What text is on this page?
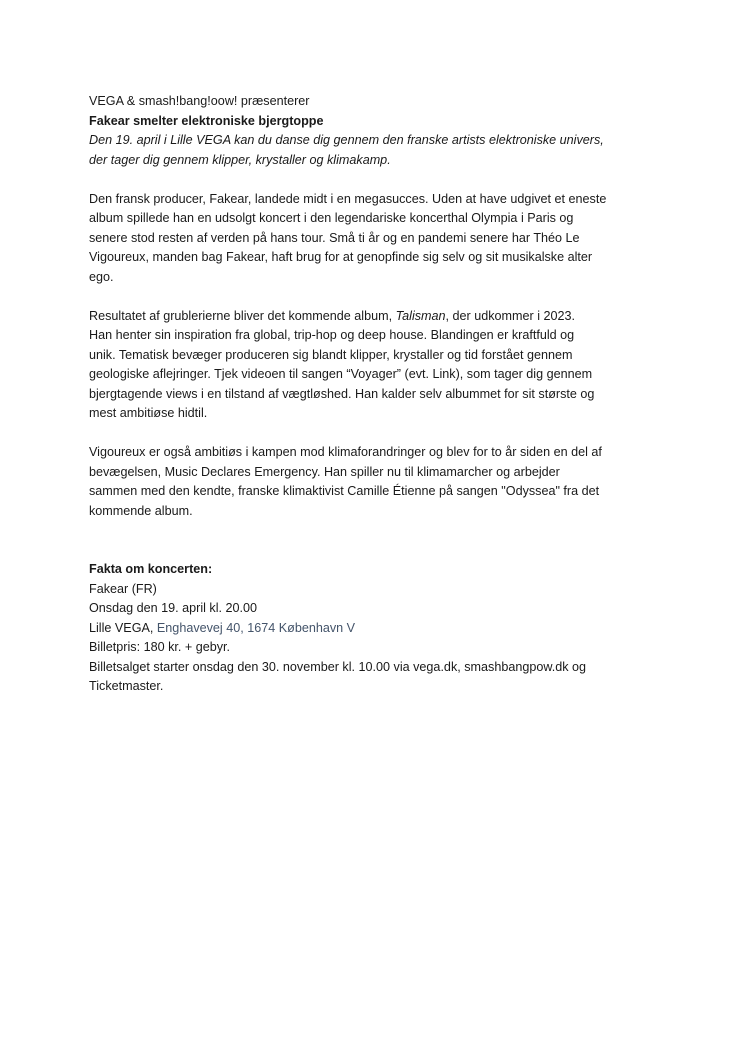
VEGA & smash!bang!oow! præsenterer
Fakear smelter elektroniske bjergtoppe
Den 19. april i Lille VEGA kan du danse dig gennem den franske artists elektroniske univers,
der tager dig gennem klipper, krystaller og klimakamp.
Den fransk producer, Fakear, landede midt i en megasucces. Uden at have udgivet et eneste
album spillede han en udsolgt koncert i den legendariske koncerthal Olympia i Paris og
senere stod resten af verden på hans tour. Små ti år og en pandemi senere har Théo Le
Vigoureux, manden bag Fakear, haft brug for at genopfinde sig selv og sit musikalske alter
ego.
Resultatet af grublerierne bliver det kommende album, Talisman, der udkommer i 2023.
Han henter sin inspiration fra global, trip-hop og deep house. Blandingen er kraftfuld og
unik. Tematisk bevæger produceren sig blandt klipper, krystaller og tid forstået gennem
geologiske aflejringer. Tjek videoen til sangen “Voyager” (evt. Link), som tager dig gennem
bjergtagende views i en tilstand af vægtløshed. Han kalder selv albummet for sit største og
mest ambitiøse hidtil.
Vigoureux er også ambitiøs i kampen mod klimaforandringer og blev for to år siden en del af
bevægelsen, Music Declares Emergency. Han spiller nu til klimamarcher og arbejder
sammen med den kendte, franske klimaktivist Camille Étienne på sangen "Odyssea" fra det
kommende album.
Fakta om koncerten:
Fakear (FR)
Onsdag den 19. april kl. 20.00
Lille VEGA, Enghavevej 40, 1674 København V
Billetpris: 180 kr. + gebyr.
Billetsalget starter onsdag den 30. november kl. 10.00 via vega.dk, smashbangpow.dk og
Ticketmaster.
